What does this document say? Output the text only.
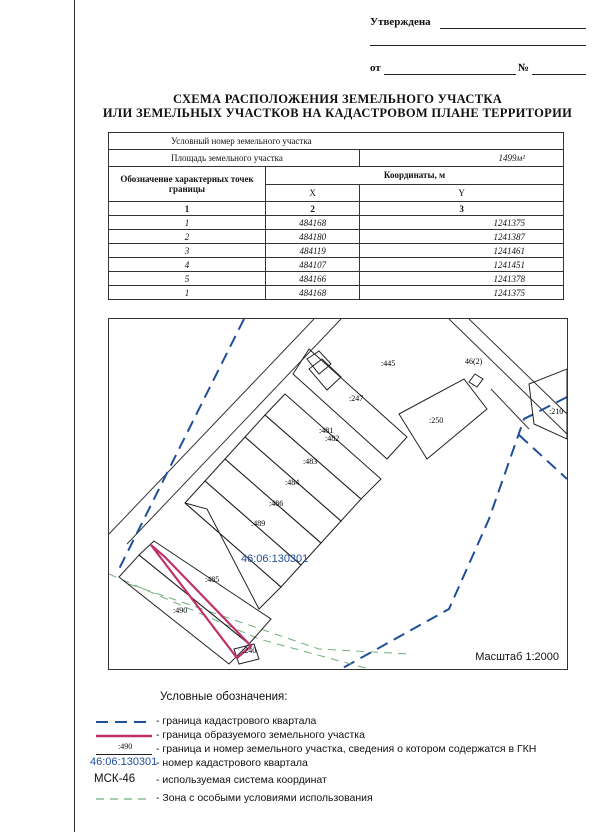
Утверждена
от	№
СХЕМА РАСПОЛОЖЕНИЯ ЗЕМЕЛЬНОГО УЧАСТКА
ИЛИ ЗЕМЕЛЬНЫХ УЧАСТКОВ НА КАДАСТРОВОМ ПЛАНЕ ТЕРРИТОРИИ
Условный номер земельного участка		
Площадь земельного участка		1499м²
Обозначение характерных точек границы	Координаты, м	
	X	Y
1	2	3
1	484168	1241375
2	484180	1241387
3	484119	1241461
4	484107	1241451
5	484166	1241378
1	484168	1241375
:445	46(2)
:247
:250
:210
:481
:482
:483
:484
:486
:489
:485
:490
:240
Масштаб 1:2000
46:06:130301
Условные обозначения:
- граница кадастрового квартала
- граница образуемого земельного участка
:490 - граница и номер земельного участка, сведения о котором содержатся в ГКН
46:06:130301
- номер кадастрового квартала
МСК-46	- используемая система координат
- Зона с особыми условиями использования
